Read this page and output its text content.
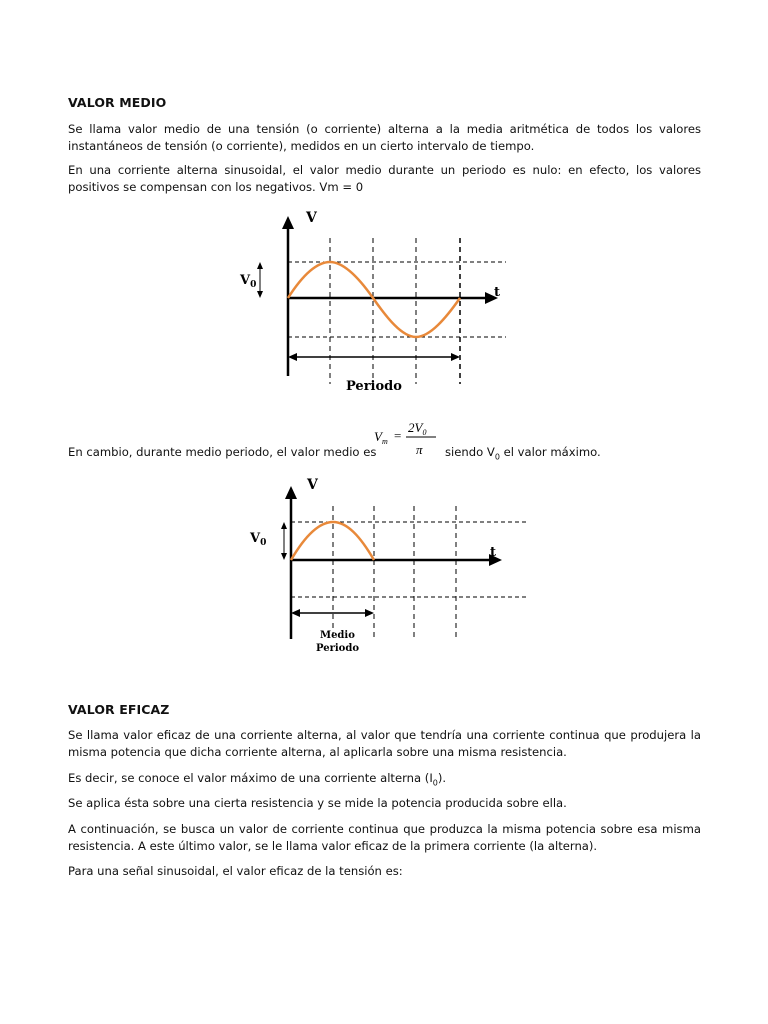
VALOR MEDIO

Se llama valor medio de una tensión (o corriente) alterna a la media aritmética de todos los valores instantáneos de tensión (o corriente), medidos en un cierto intervalo de tiempo.

En una corriente alterna sinusoidal, el valor medio durante un periodo es nulo: en efecto, los valores positivos se compensan con los negativos. Vm = 0

V
$V_0$	t
Periodo
En cambio, durante medio periodo, el valor medio es
$V_m$ =
$2V_0$
π siendo $V_0$ el valor máximo.
V
$V_0$
t
Medio
Periodo
VALOR EFICAZ

Se llama valor eficaz de una corriente alterna, al valor que tendría una corriente continua que produjera la misma potencia que dicha corriente alterna, al aplicarla sobre una misma resistencia.

Es decir, se conoce el valor máximo de una corriente alterna $(I_0)$.

Se aplica ésta sobre una cierta resistencia y se mide la potencia producida sobre ella.

A continuación, se busca un valor de corriente continua que produzca la misma potencia sobre esa misma resistencia. A este último valor, se le llama valor eficaz de la primera corriente (la alterna).

Para una señal sinusoidal, el valor eficaz de la tensión es:
